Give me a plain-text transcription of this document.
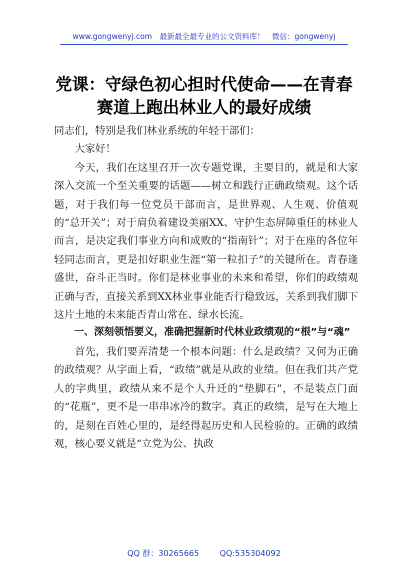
www.gongwenyj.com　最新最全最专业的公文资料库！　微信：gongwenyj
党课：守绿色初心担时代使命——在青春
赛道上跑出林业人的最好成绩

同志们，特别是我们林业系统的年轻干部们：

大家好！

今天，我们在这里召开一次专题党课，主要目的，就是和大家深入交流一个至关重要的话题——树立和践行正确政绩观。这个话题，对于我们每一位党员干部而言，是世界观、人生观、价值观的“总开关”；对于肩负着建设美丽XX、守护生态屏障重任的林业人而言，是决定我们事业方向和成败的“指南针”；对于在座的各位年轻同志而言，更是扣好职业生涯“第一粒扣子”的关键所在。青春逢盛世，奋斗正当时。你们是林业事业的未来和希望，你们的政绩观正确与否，直接关系到XX林业事业能否行稳致远，关系到我们脚下这片土地的未来能否青山常在、绿水长流。

一、深刻领悟要义，准确把握新时代林业政绩观的“根”与“魂”

首先，我们要弄清楚一个根本问题：什么是政绩？又何为正确的政绩观？从字面上看，“政绩”就是从政的业绩。但在我们共产党人的字典里，政绩从来不是个人升迁的“垫脚石”，不是装点门面的“花瓶”，更不是一串串冰冷的数字。真正的政绩，是写在大地上的，是刻在百姓心里的，是经得起历史和人民检验的。正确的政绩观，核心要义就是“立党为公、执政

QQ 群：30265665	QQ:535304092
